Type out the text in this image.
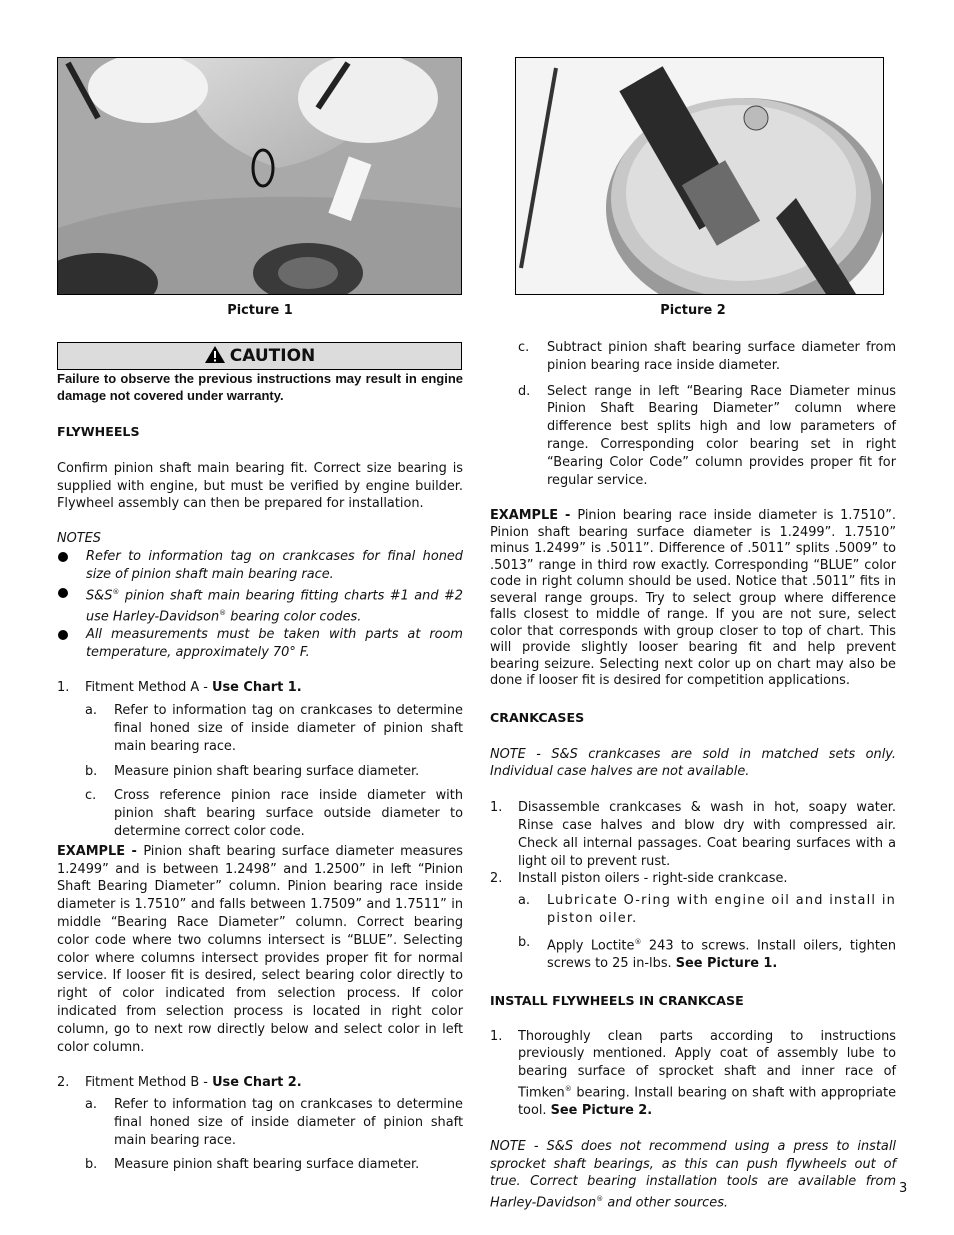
Picture 1	Picture 2
CAUTION

Failure to observe the previous instructions may result in engine damage not covered under warranty.

FLYWHEELS

Confirm pinion shaft main bearing fit. Correct size bearing is supplied with engine, but must be verified by engine builder. Flywheel assembly can then be prepared for installation.

NOTES

Refer to information tag on crankcases for final honed size of pinion shaft main bearing race.

S&S® pinion shaft main bearing fitting charts #1 and #2 use Harley-Davidson® bearing color codes.

All measurements must be taken with parts at room temperature, approximately 70° F.

1. Fitment Method A - Use Chart 1.

a. Refer to information tag on crankcases to determine final honed size of inside diameter of pinion shaft main bearing race.

b. Measure pinion shaft bearing surface diameter.

c. Cross reference pinion race inside diameter with pinion shaft bearing surface outside diameter to determine correct color code.

EXAMPLE - Pinion shaft bearing surface diameter measures 1.2499” and is between 1.2498” and 1.2500” in left “Pinion Shaft Bearing Diameter” column. Pinion bearing race inside diameter is 1.7510” and falls between 1.7509” and 1.7511” in middle “Bearing Race Diameter” column. Correct bearing color code where two columns intersect is “BLUE”. Selecting color where columns intersect provides proper fit for normal service. If looser fit is desired, select bearing color directly to right of color indicated from selection process. If color indicated from selection process is located in right color column, go to next row directly below and select color in left color column.

2. Fitment Method B - Use Chart 2.

a. Refer to information tag on crankcases to determine final honed size of inside diameter of pinion shaft main bearing race.

b. Measure pinion shaft bearing surface diameter.

c. Subtract pinion shaft bearing surface diameter from pinion bearing race inside diameter.

d. Select range in left “Bearing Race Diameter minus Pinion Shaft Bearing Diameter” column where difference best splits high and low parameters of range. Corresponding color bearing set in right “Bearing Color Code” column provides proper fit for regular service.

EXAMPLE - Pinion bearing race inside diameter is 1.7510”. Pinion shaft bearing surface diameter is 1.2499”. 1.7510” minus 1.2499” is .5011”. Difference of .5011” splits .5009” to .5013” range in third row exactly. Corresponding “BLUE” color code in right column should be used. Notice that .5011” fits in several range groups. Try to select group where difference falls closest to middle of range. If you are not sure, select color that corresponds with group closer to top of chart. This will provide slightly looser bearing fit and help prevent bearing seizure. Selecting next color up on chart may also be done if looser fit is desired for competition applications.

CRANKCASES

NOTE - S&S crankcases are sold in matched sets only. Individual case halves are not available.

1. Disassemble crankcases & wash in hot, soapy water. Rinse case halves and blow dry with compressed air. Check all internal passages. Coat bearing surfaces with a light oil to prevent rust.

2. Install piston oilers - right-side crankcase.

a. Lubricate O-ring with engine oil and install in piston oiler.

b. Apply Loctite® 243 to screws. Install oilers, tighten screws to 25 in-lbs. See Picture 1.

INSTALL FLYWHEELS IN CRANKCASE

1. Thoroughly clean parts according to instructions previously mentioned. Apply coat of assembly lube to bearing surface of sprocket shaft and inner race of Timken® bearing. Install bearing on shaft with appropriate tool. See Picture 2.

NOTE - S&S does not recommend using a press to install sprocket shaft bearings, as this can push flywheels out of true. Correct bearing installation tools are available from Harley-Davidson® and other sources.

3
